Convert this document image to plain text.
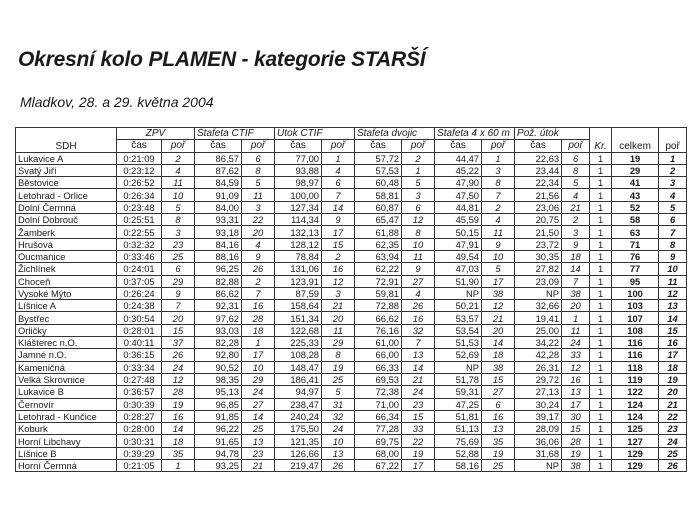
Okresní kolo PLAMEN - kategorie STARŠÍ
Mladkov, 28. a 29. května 2004
SDH	ZPV		Štafeta CTIF		Útok CTIF		Štafeta dvojic		Štafeta 4 x 60 m		Pož. útok		Kr.	celkem	poř
	čas	poř	čas	poř	čas	poř	čas	poř	čas	poř	čas	poř			
Lukavice A	0:21:09	2	86,57	6	77,00	1	57,72	2	44,47	1	22,63	6	1	19	1
Svatý Jiří	0:23:12	4	87,62	8	93,88	4	57,53	1	45,22	3	23,44	8	1	29	2
Běstovice	0:26:52	11	84,59	5	98,97	6	60,48	5	47,90	8	22,34	5	1	41	3
Letohrad - Orlice	0:26:34	10	91,09	11	100,00	7	58,81	3	47,50	7	21,56	4	1	43	4
Dolní Čermná	0:23:48	5	84,00	3	127,34	14	60,87	6	44,81	2	23,06	21	1	52	5
Dolní Dobrouč	0:25:51	8	93,31	22	114,34	9	65,47	12	45,59	4	20,75	2	1	58	6
Žamberk	0:22:55	3	93,18	20	132,13	17	61,88	8	50,15	11	21,50	3	1	63	7
Hrušová	0:32:32	23	84,16	4	128,12	15	62,35	10	47,91	9	23,72	9	1	71	8
Oucmanice	0:33:46	25	88,16	9	78,84	2	63,94	11	49,54	10	30,35	18	1	76	9
Žichlínek	0:24:01	6	96,25	26	131,06	16	62,22	9	47,03	5	27,82	14	1	77	10
Choceň	0:37:05	29	82,88	2	123,91	12	72,91	27	51,90	17	23,09	7	1	95	11
Vysoké Mýto	0:26:24	9	86,62	7	87,59	3	59,81	4	NP	38	NP	38	1	100	12
Líšnice A	0:24:38	7	92,31	16	158,64	21	72,88	26	50,21	12	32,66	20	1	103	13
Bystřec	0:30:54	20	97,62	28	151,34	20	66,62	16	53,57	21	19,41	1	1	107	14
Orličky	0:28:01	15	93,03	18	122,68	11	76,16	32	53,54	20	25,00	11	1	108	15
Klášterec n.O.	0:40:11	37	82,28	1	225,33	29	61,00	7	51,53	14	34,22	24	1	116	16
Jamné n.O.	0:36:15	26	92,80	17	108,28	8	66,00	13	52,69	18	42,28	33	1	116	17
Kameničná	0:33:34	24	90,52	10	148,47	19	66,33	14	NP	38	26,31	12	1	118	18
Velká Skrovnice	0:27:48	12	98,35	29	186,41	25	69,53	21	51,78	15	29,72	16	1	119	19
Lukavice B	0:36:57	28	95,13	24	94,97	5	72,38	24	59,31	27	27,13	13	1	122	20
Černovír	0:30:39	19	96,85	27	238,47	31	71,00	23	47,25	6	30,24	17	1	124	21
Letohrad - Kunčice	0:28:27	16	91,85	14	240,24	32	66,34	15	51,81	16	39,17	30	1	124	22
Koburk	0:28:00	14	96,22	25	175,50	24	77,28	33	51,13	13	28,09	15	1	125	23
Horní Libchavy	0:30:31	18	91,65	13	121,35	10	69,75	22	75,69	35	36,06	28	1	127	24
Líšnice B	0:39:29	35	94,78	23	126,66	13	68,00	19	52,88	19	31,68	19	1	129	25
Horní Čermná	0:21:05	1	93,25	21	219,47	26	67,22	17	58,16	25	NP	38	1	129	26
